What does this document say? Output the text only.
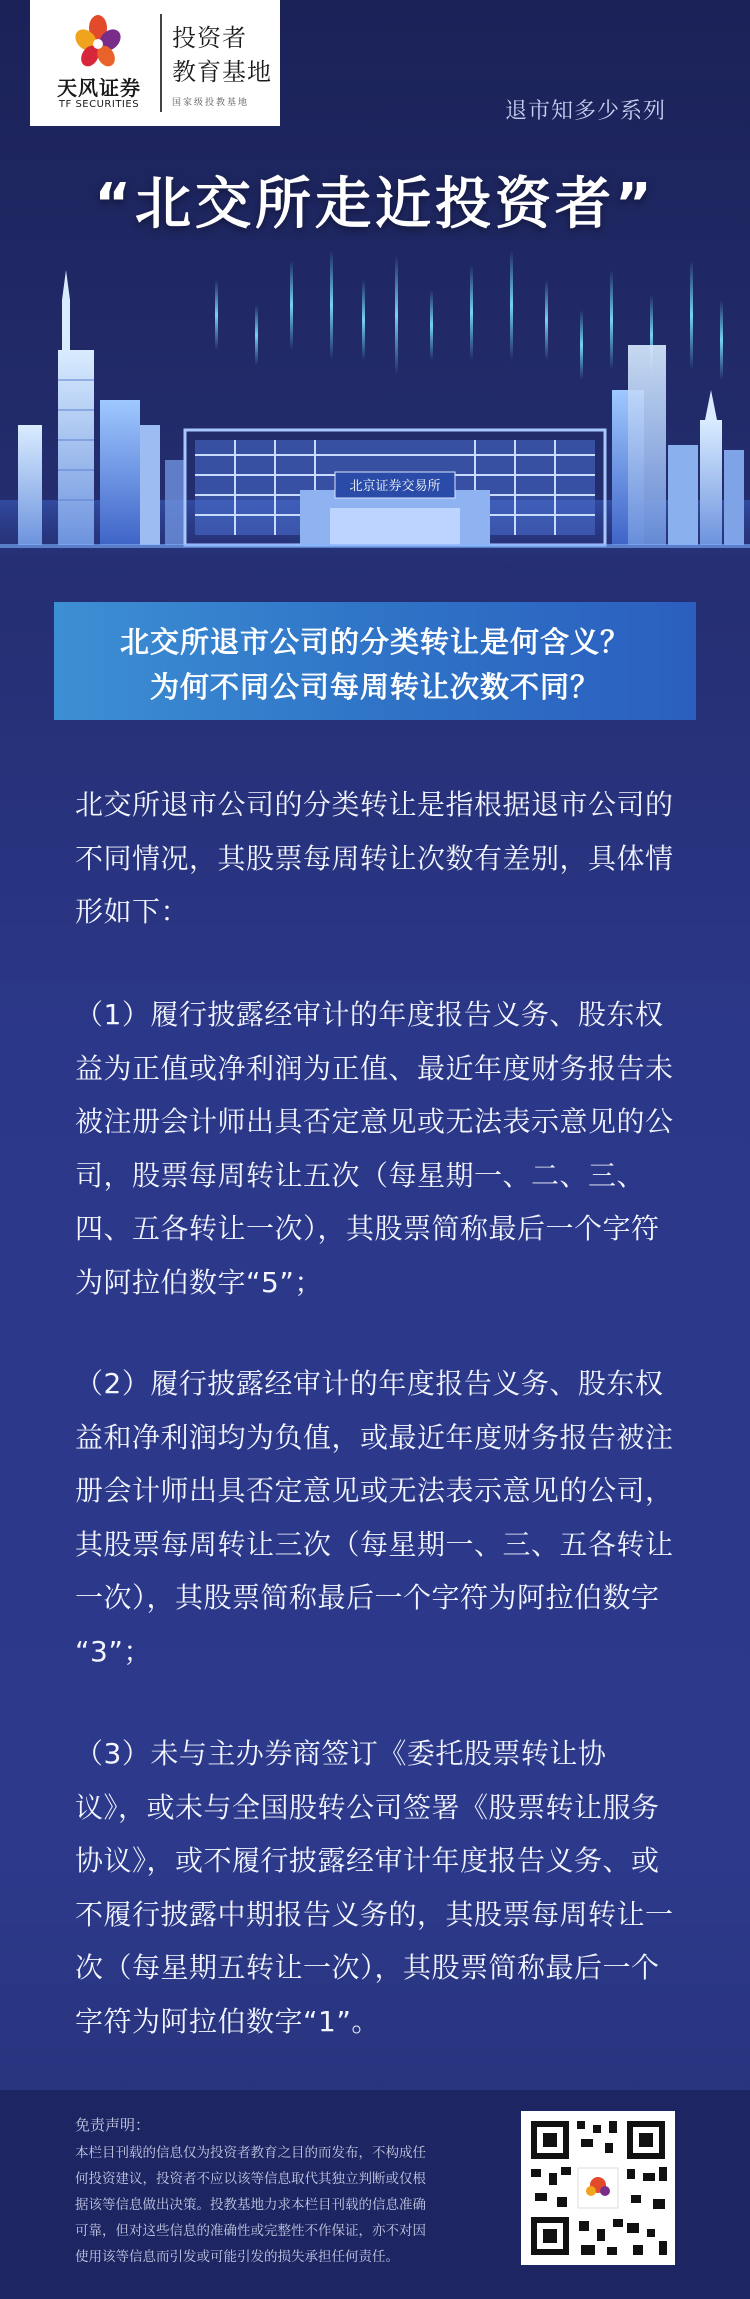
天风证券
TF SECURITIES
投资者
教育基地
国家级投教基地	退市知多少系列
“北交所走近投资者”
北京证券交易所
北交所退市公司的分类转让是何含义？
为何不同公司每周转让次数不同？
北交所退市公司的分类转让是指根据退市公司的
不同情况，其股票每周转让次数有差别，具体情
形如下：
（1）履行披露经审计的年度报告义务、股东权
益为正值或净利润为正值、最近年度财务报告未
被注册会计师出具否定意见或无法表示意见的公
司，股票每周转让五次（每星期一、二、三、
四、五各转让一次），其股票简称最后一个字符
为阿拉伯数字“5”；
（2）履行披露经审计的年度报告义务、股东权
益和净利润均为负值，或最近年度财务报告被注
册会计师出具否定意见或无法表示意见的公司，
其股票每周转让三次（每星期一、三、五各转让
一次），其股票简称最后一个字符为阿拉伯数字
“3”；
（3）未与主办券商签订《委托股票转让协
议》，或未与全国股转公司签署《股票转让服务
协议》，或不履行披露经审计年度报告义务、或
不履行披露中期报告义务的，其股票每周转让一
次（每星期五转让一次），其股票简称最后一个
字符为阿拉伯数字“1”。
免责声明：
本栏目刊载的信息仅为投资者教育之目的而发布，不构成任
何投资建议，投资者不应以该等信息取代其独立判断或仅根
据该等信息做出决策。投教基地力求本栏目刊载的信息准确
可靠，但对这些信息的准确性或完整性不作保证，亦不对因
使用该等信息而引发或可能引发的损失承担任何责任。
